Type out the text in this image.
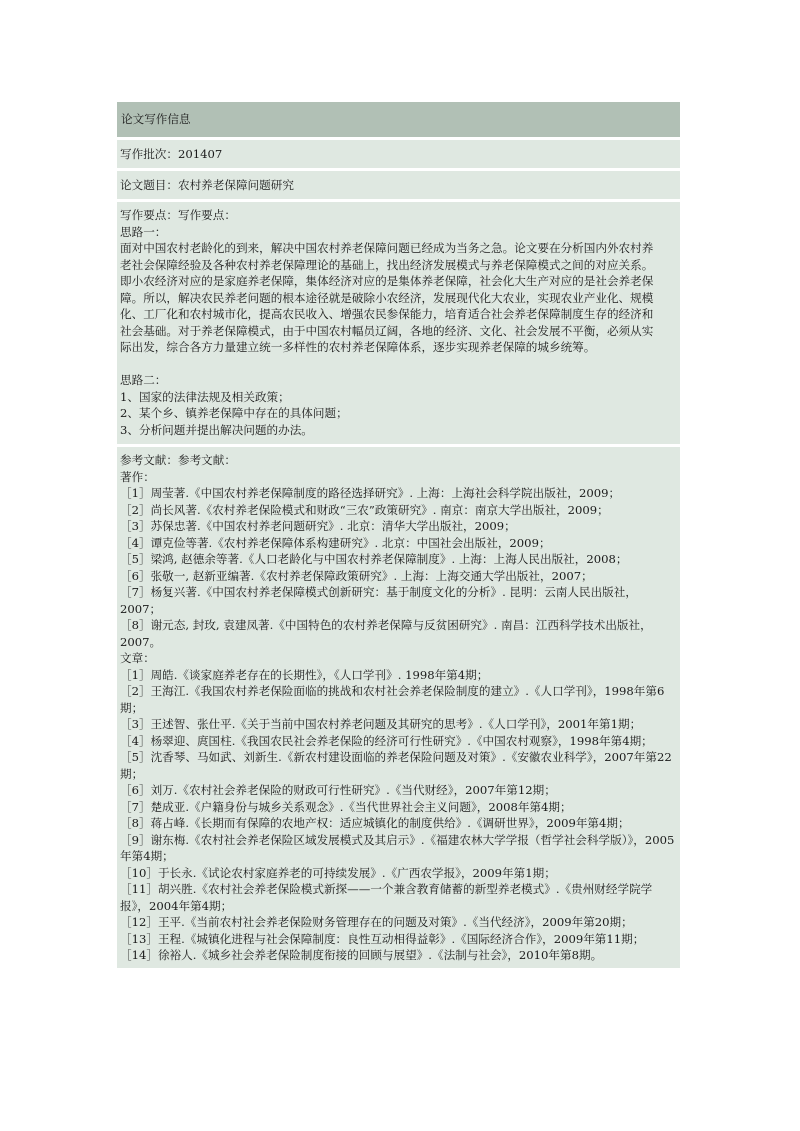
论文写作信息
写作批次：201407
论文题目：农村养老保障问题研究

写作要点：写作要点：

思路一：

面对中国农村老龄化的到来，解决中国农村养老保障问题已经成为当务之急。论文要在分析国内外农村养

老社会保障经验及各种农村养老保障理论的基础上，找出经济发展模式与养老保障模式之间的对应关系。

即小农经济对应的是家庭养老保障，集体经济对应的是集体养老保障，社会化大生产对应的是社会养老保

障。所以，解决农民养老问题的根本途径就是破除小农经济，发展现代化大农业，实现农业产业化、规模

化、工厂化和农村城市化，提高农民收入、增强农民参保能力，培育适合社会养老保障制度生存的经济和

社会基础。对于养老保障模式，由于中国农村幅员辽阔，各地的经济、文化、社会发展不平衡，必须从实

际出发，综合各方力量建立统一多样性的农村养老保障体系，逐步实现养老保障的城乡统筹。

思路二：

1、国家的法律法规及相关政策；

2、某个乡、镇养老保障中存在的具体问题；

3、分析问题并提出解决问题的办法。

参考文献：参考文献：

著作：

［1］周莹著.《中国农村养老保障制度的路径选择研究》. 上海：上海社会科学院出版社，2009；

［2］尚长风著.《农村养老保险模式和财政“三农”政策研究》. 南京：南京大学出版社，2009；

［3］苏保忠著.《中国农村养老问题研究》. 北京：清华大学出版社，2009；

［4］谭克俭等著.《农村养老保障体系构建研究》. 北京：中国社会出版社，2009；

［5］梁鸿, 赵德余等著.《人口老龄化与中国农村养老保障制度》. 上海：上海人民出版社，2008；

［6］张敬一, 赵新亚编著.《农村养老保障政策研究》. 上海：上海交通大学出版社，2007；

［7］杨复兴著.《中国农村养老保障模式创新研究：基于制度文化的分析》. 昆明：云南人民出版社，2007；

［8］谢元态, 封玫, 袁建凤著.《中国特色的农村养老保障与反贫困研究》. 南昌：江西科学技术出版社，2007。

文章：

［1］周皓.《谈家庭养老存在的长期性》，《人口学刊》. 1998年第4期；

［2］王海江.《我国农村养老保险面临的挑战和农村社会养老保险制度的建立》.《人口学刊》，1998年第6期；

［3］王述智、张仕平.《关于当前中国农村养老问题及其研究的思考》.《人口学刊》，2001年第1期；

［4］杨翠迎、庹国柱.《我国农民社会养老保险的经济可行性研究》.《中国农村观察》，1998年第4期；

［5］沈香琴、马如武、刘新生.《新农村建设面临的养老保险问题及对策》.《安徽农业科学》，2007年第22期；

［6］刘万.《农村社会养老保险的财政可行性研究》.《当代财经》，2007年第12期；

［7］楚成亚.《户籍身份与城乡关系观念》.《当代世界社会主义问题》，2008年第4期；

［8］蒋占峰.《长期而有保障的农地产权：适应城镇化的制度供给》.《调研世界》，2009年第4期；

［9］谢东梅.《农村社会养老保险区域发展模式及其启示》.《福建农林大学学报（哲学社会科学版）》，2005年第4期；

［10］于长永.《试论农村家庭养老的可持续发展》.《广西农学报》，2009年第1期；

［11］胡兴胜.《农村社会养老保险模式新探——一个兼含教育储蓄的新型养老模式》.《贵州财经学院学报》，2004年第4期；

［12］王平.《当前农村社会养老保险财务管理存在的问题及对策》.《当代经济》，2009年第20期；

［13］王程.《城镇化进程与社会保障制度：良性互动相得益彰》.《国际经济合作》，2009年第11期；

［14］徐裕人.《城乡社会养老保险制度衔接的回顾与展望》.《法制与社会》，2010年第8期。
